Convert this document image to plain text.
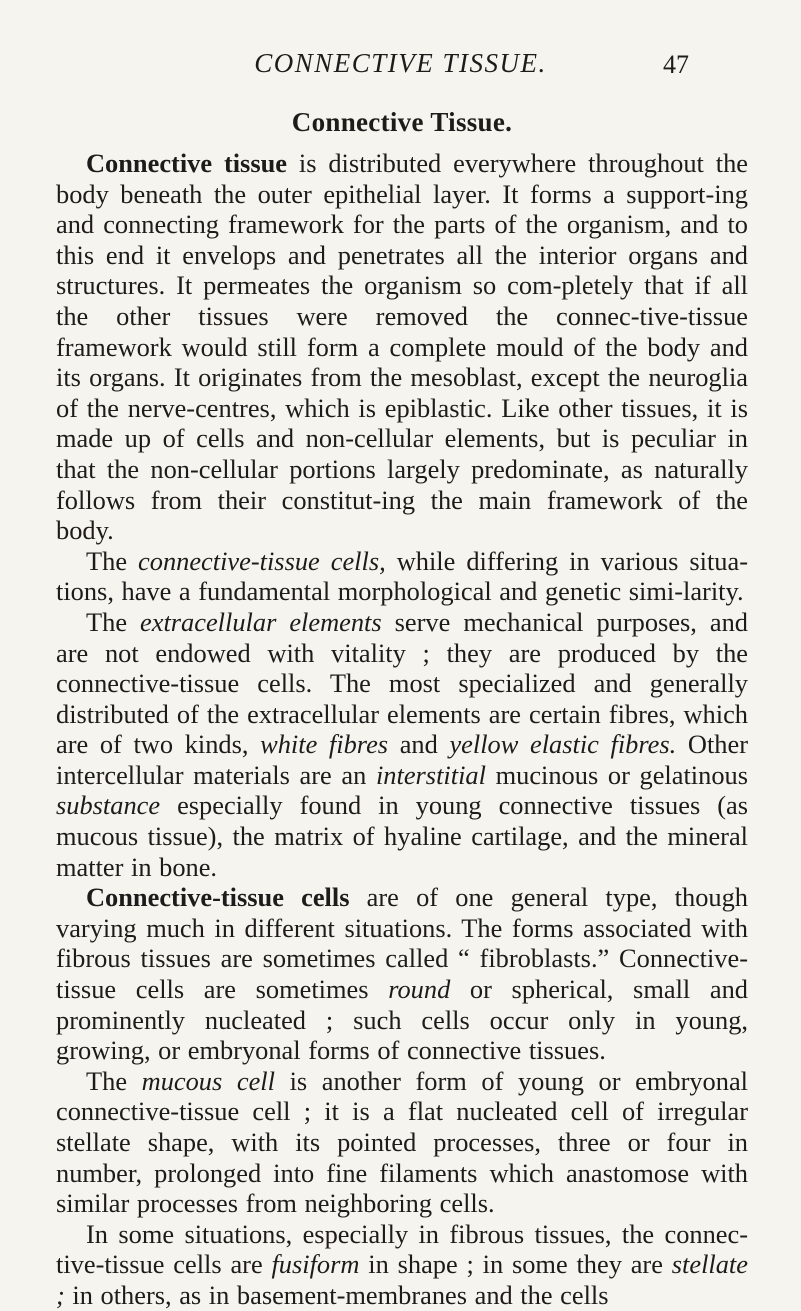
CONNECTIVE TISSUE.	47
Connective Tissue.

Connective tissue is distributed everywhere throughout the body beneath the outer epithelial layer. It forms a support-ing and connecting framework for the parts of the organism, and to this end it envelops and penetrates all the interior organs and structures. It permeates the organism so com-pletely that if all the other tissues were removed the connec-tive-tissue framework would still form a complete mould of the body and its organs. It originates from the mesoblast, except the neuroglia of the nerve-centres, which is epiblastic. Like other tissues, it is made up of cells and non-cellular elements, but is peculiar in that the non-cellular portions largely predominate, as naturally follows from their constitut-ing the main framework of the body.

The connective-tissue cells, while differing in various situa-tions, have a fundamental morphological and genetic simi-larity.

The extracellular elements serve mechanical purposes, and are not endowed with vitality ; they are produced by the connective-tissue cells. The most specialized and generally distributed of the extracellular elements are certain fibres, which are of two kinds, white fibres and yellow elastic fibres. Other intercellular materials are an interstitial mucinous or gelatinous substance especially found in young connective tissues (as mucous tissue), the matrix of hyaline cartilage, and the mineral matter in bone.

Connective-tissue cells are of one general type, though varying much in different situations. The forms associated with fibrous tissues are sometimes called “ fibroblasts.” Connective-tissue cells are sometimes round or spherical, small and prominently nucleated ; such cells occur only in young, growing, or embryonal forms of connective tissues.

The mucous cell is another form of young or embryonal connective-tissue cell ; it is a flat nucleated cell of irregular stellate shape, with its pointed processes, three or four in number, prolonged into fine filaments which anastomose with similar processes from neighboring cells.

In some situations, especially in fibrous tissues, the connec-tive-tissue cells are fusiform in shape ; in some they are stellate ; in others, as in basement-membranes and the cells
